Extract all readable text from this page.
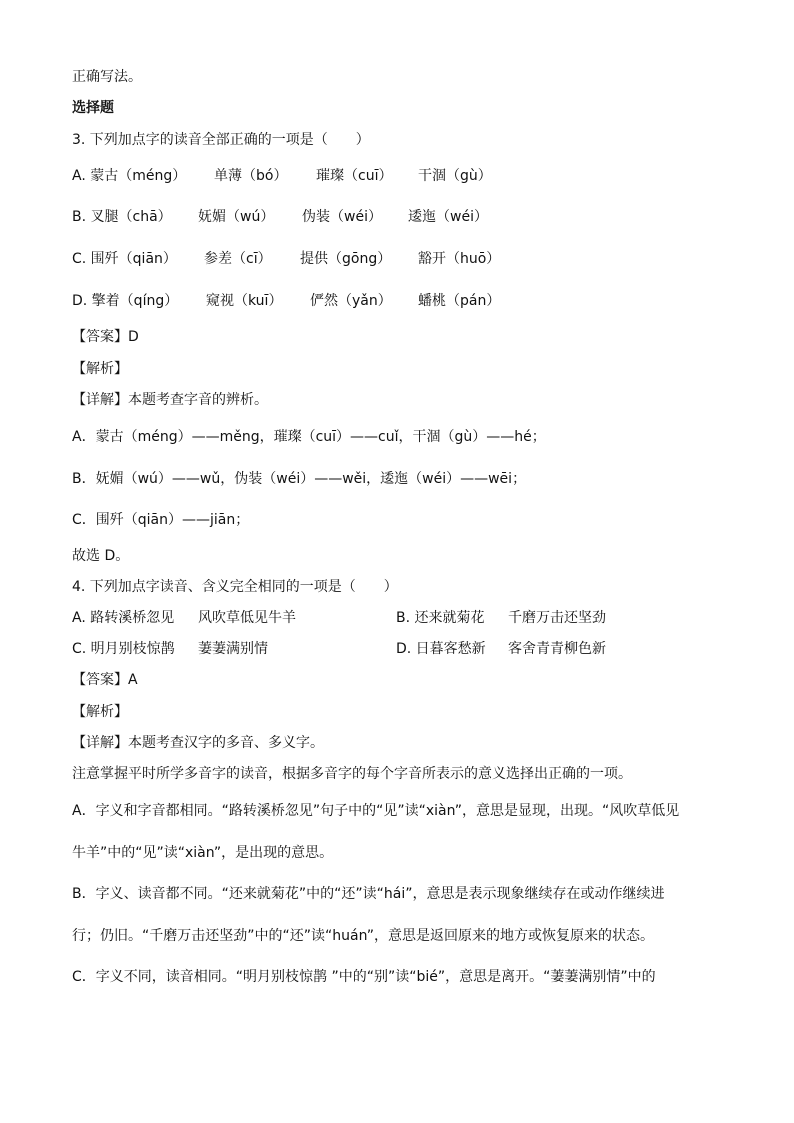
正确写法。
选择题
3. 下列加点字的读音全部正确的一项是（　　）
A. 蒙古（méng） 单薄（bó） 璀璨（cuī） 干涸（gù）
B. 叉腿（chā） 妩媚（wú） 伪装（wéi） 逶迤（wéi）
C. 围歼（qiān） 参差（cī） 提供（gōng） 豁开（huō）
D. 擎着（qíng） 窥视（kuī） 俨然（yǎn） 蟠桃（pán）
【答案】D
【解析】
【详解】本题考查字音的辨析。
A．蒙古（méng）——měng，璀璨（cuī）——cuǐ，干涸（gù）——hé；
B．妩媚（wú）——wǔ，伪装（wéi）——wěi，逶迤（wéi）——wēi；
C．围歼（qiān）——jiān；
故选 D。
4. 下列加点字读音、含义完全相同的一项是（　　）
A. 路转溪桥忽见 风吹草低见牛羊	B. 还来就菊花 千磨万击还坚劲
C. 明月别枝惊鹊 萋萋满别情	D. 日暮客愁新 客舍青青柳色新
【答案】A
【解析】
【详解】本题考查汉字的多音、多义字。
注意掌握平时所学多音字的读音，根据多音字的每个字音所表示的意义选择出正确的一项。
A．字义和字音都相同。“路转溪桥忽见”句子中的“见”读“xiàn”，意思是显现，出现。“风吹草低见
牛羊”中的“见”读“xiàn”，是出现的意思。
B．字义、读音都不同。“还来就菊花”中的“还”读“hái”，意思是表示现象继续存在或动作继续进
行；仍旧。“千磨万击还坚劲”中的“还”读“huán”，意思是返回原来的地方或恢复原来的状态。
C．字义不同，读音相同。“明月别枝惊鹊 ”中的“别”读“bié”，意思是离开。“萋萋满别情”中的
